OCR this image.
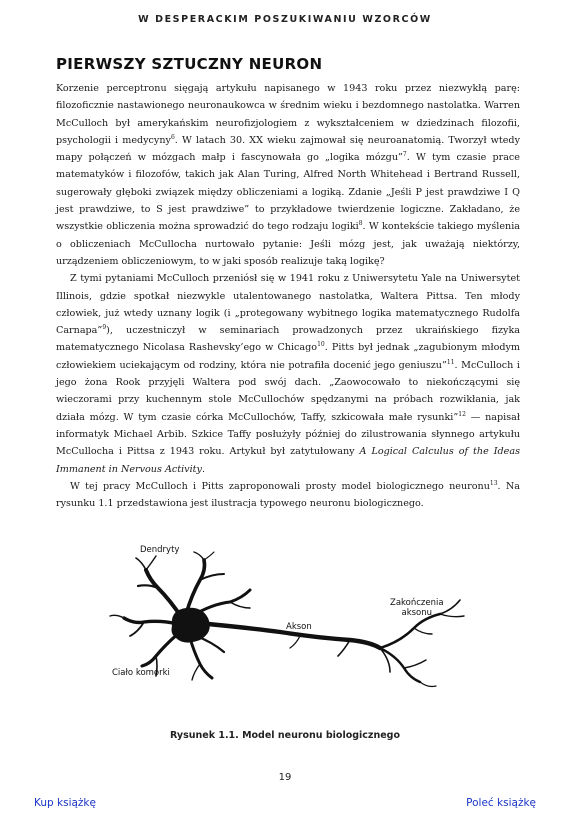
W DESPERACKIM POSZUKIWANIU WZORCÓW
PIERWSZY SZTUCZNY NEURON

Korzenie perceptronu sięgają artykułu napisanego w 1943 roku przez niezwykłą parę: filozoficznie nastawionego neuronaukowca w średnim wieku i bezdomnego nastolatka. Warren McCulloch był amerykańskim neurofizjologiem z wykształceniem w dziedzinach filozofii, psychologii i medycyny$^6$. W latach 30. XX wieku zajmował się neuroanatomią. Tworzył wtedy mapy połączeń w mózgach małp i fascynowała go „logika mózgu”$^7$. W tym czasie prace matematyków i filozofów, takich jak Alan Turing, Alfred North Whitehead i Bertrand Russell, sugerowały głęboki związek między obliczeniami a logiką. Zdanie „Jeśli P jest prawdziwe I Q jest prawdziwe, to S jest prawdziwe” to przykładowe twierdzenie logiczne. Zakładano, że wszystkie obliczenia można sprowadzić do tego rodzaju logiki$^8$. W kontekście takiego myślenia o obliczeniach McCullocha nurtowało pytanie: Jeśli mózg jest, jak uważają niektórzy, urządzeniem obliczeniowym, to w jaki sposób realizuje taką logikę?

Z tymi pytaniami McCulloch przeniósł się w 1941 roku z Uniwersytetu Yale na Uniwersytet Illinois, gdzie spotkał niezwykle utalentowanego nastolatka, Waltera Pittsa. Ten młody człowiek, już wtedy uznany logik (i „protegowany wybitnego logika matematycznego Rudolfa Carnapa”$^9$), uczestniczył w seminariach prowadzonych przez ukraińskiego fizyka matematycznego Nicolasa Rashevsky’ego w Chicago$^{10}$. Pitts był jednak „zagubionym młodym człowiekiem uciekającym od rodziny, która nie potrafiła docenić jego geniuszu”$^{11}$. McCulloch i jego żona Rook przyjęli Waltera pod swój dach. „Zaowocowało to niekończącymi się wieczorami przy kuchennym stole McCullochów spędzanymi na próbach rozwikłania, jak działa mózg. W tym czasie córka McCullochów, Taffy, szkicowała małe rysunki”$^{12}$ — napisał informatyk Michael Arbib. Szkice Taffy posłużyły później do zilustrowania słynnego artykułu McCullocha i Pittsa z 1943 roku. Artykuł był zatytułowany A Logical Calculus of the Ideas Immanent in Nervous Activity.

W tej pracy McCulloch i Pitts zaproponowali prosty model biologicznego neuronu$^{13}$. Na rysunku 1.1 przedstawiona jest ilustracja typowego neuronu biologicznego.

Dendryty
Akson
Zakończenia
aksonu
Ciało komórki
Rysunek 1.1. Model neuronu biologicznego
19
Kup książkę	Poleć książkę
